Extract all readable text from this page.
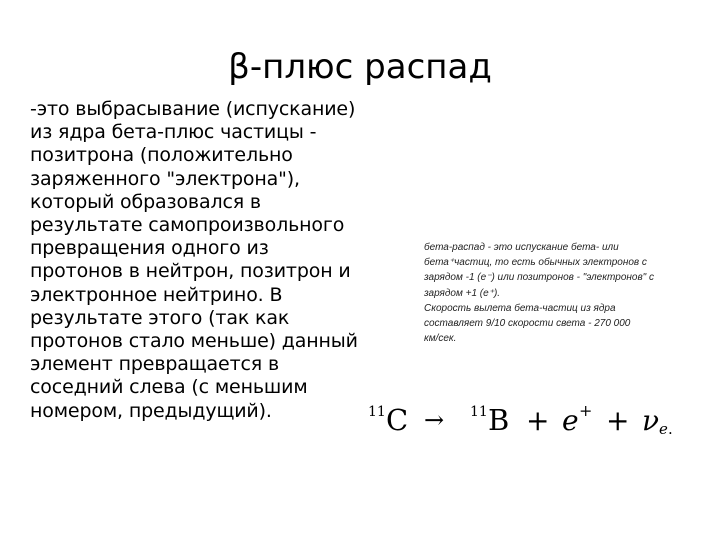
β-плюс распад
-это выбрасывание (испускание)
из ядра бета-плюс частицы -
позитрона (положительно
заряженного "электрона"),
который образовался в
результате самопроизвольного
превращения одного из
протонов в нейтрон, позитрон и
электронное нейтрино. В
результате этого (так как
протонов стало меньше) данный
элемент превращается в
соседний слева (с меньшим
номером, предыдущий).
бета-распад - это испускание бета- или
бета⁺частиц, то есть обычных электронов с
зарядом -1 (e⁻) или позитронов - "электронов" с
зарядом +1 (e⁺).
Скорость вылета бета-частиц из ядра
составляет 9/10 скорости света - 270 000
км/сек.
11 C → 11 B + e + + ν e .
